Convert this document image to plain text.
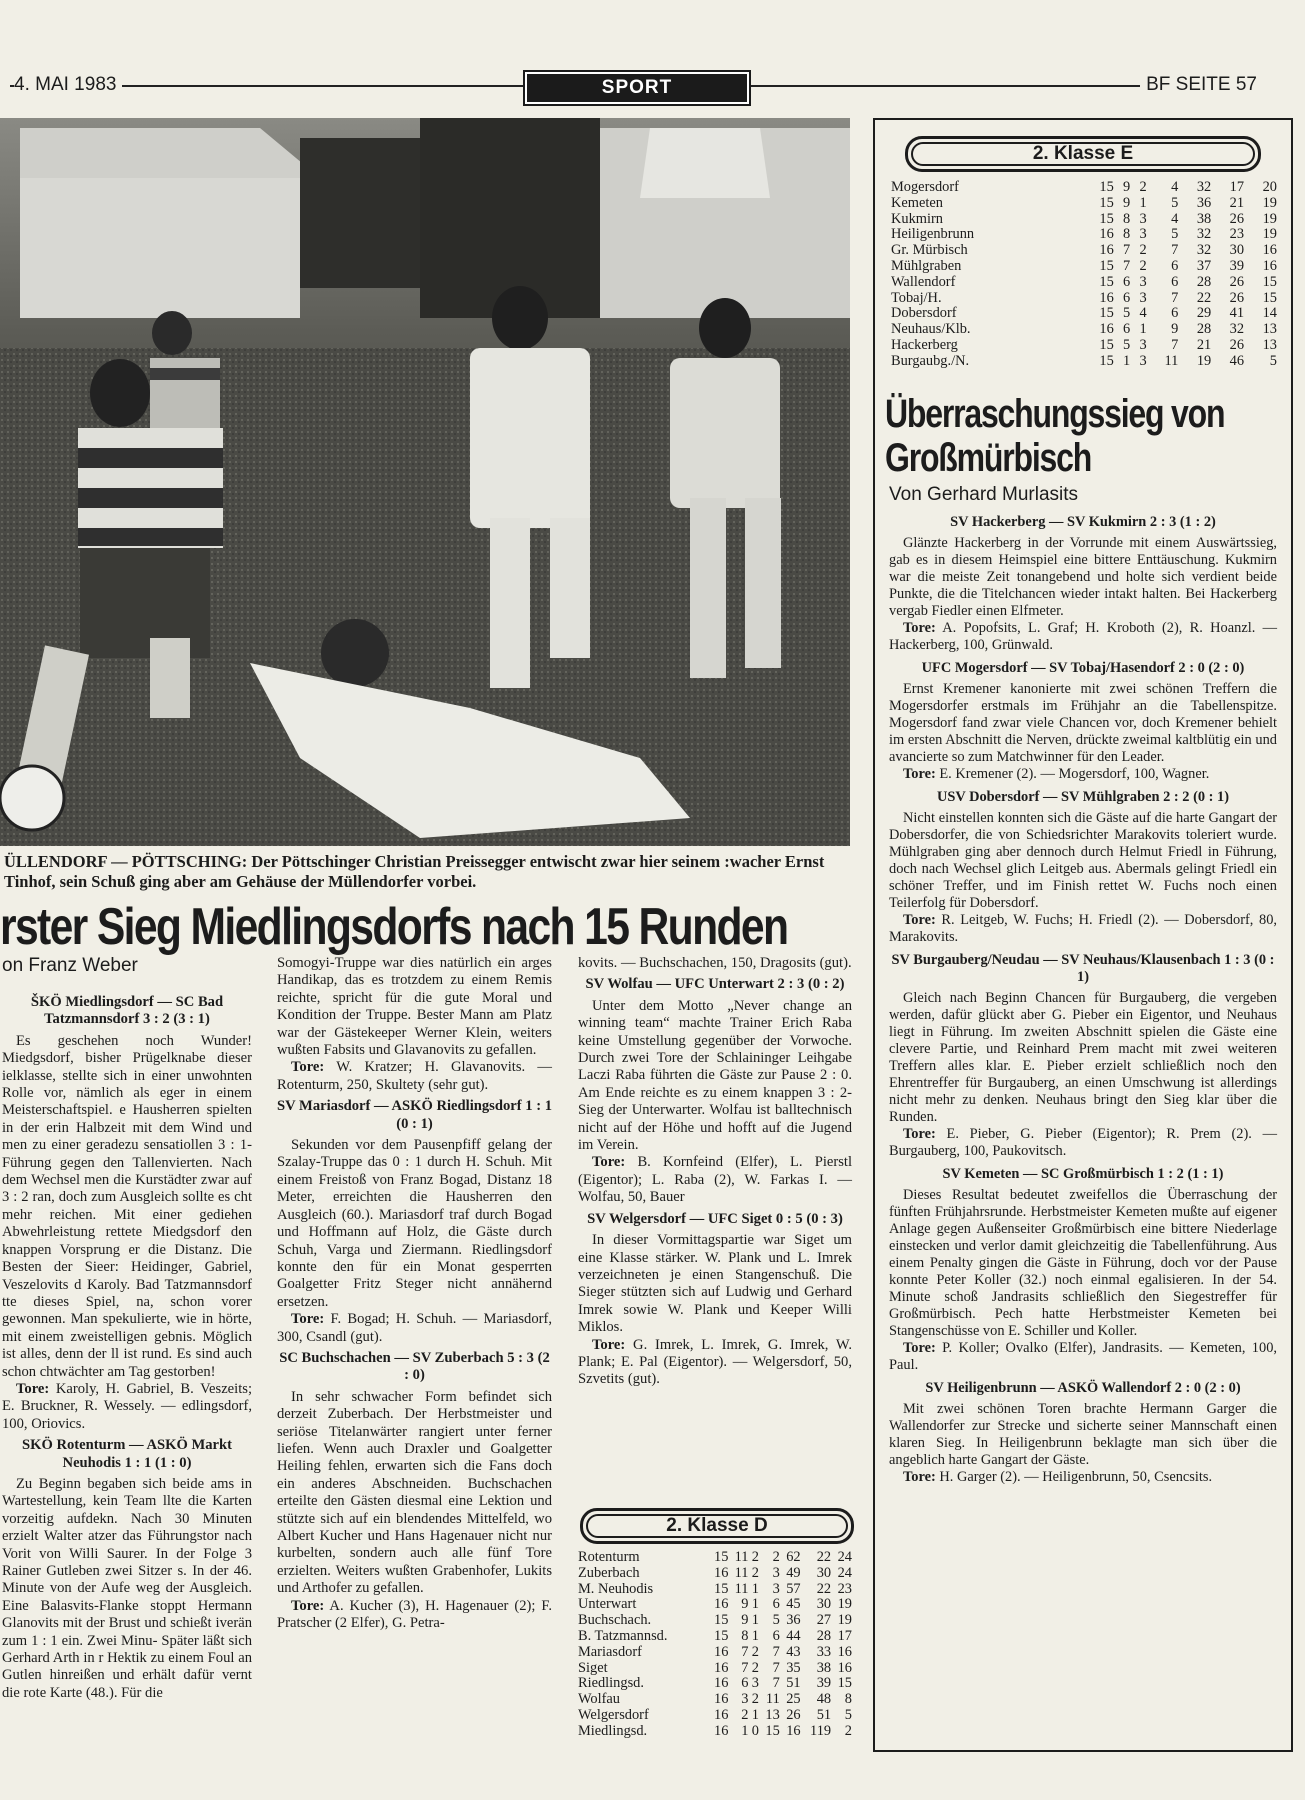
4. MAI 1983	SPORT	BF SEITE 57
ÜLLENDORF — PÖTTSCHING: Der Pöttschinger Christian Preissegger entwischt zwar hier seinem :wacher Ernst Tinhof, sein Schuß ging aber am Gehäuse der Müllendorfer vorbei.
rster Sieg Miedlingsdorfs nach 15 Runden
on Franz Weber

ŠKÖ Miedlingsdorf — SC Bad Tatzmannsdorf 3 : 2 (3 : 1)

Es geschehen noch Wunder! Miedgsdorf, bisher Prügelknabe dieser ielklasse, stellte sich in einer unwohnten Rolle vor, nämlich als eger in einem Meisterschaftspiel. e Hausherren spielten in der erin Halbzeit mit dem Wind und men zu einer geradezu sensatiollen 3 : 1-Führung gegen den Tallenvierten. Nach dem Wechsel men die Kurstädter zwar auf 3 : 2 ran, doch zum Ausgleich sollte es cht mehr reichen. Mit einer gediehen Abwehrleistung rettete Miedgsdorf den knappen Vorsprung er die Distanz. Die Besten der Sieer: Heidinger, Gabriel, Veszelovits d Karoly. Bad Tatzmannsdorf tte dieses Spiel, na, schon vorer gewonnen. Man spekulierte, wie in hörte, mit einem zweistelligen gebnis. Möglich ist alles, denn der ll ist rund. Es sind auch schon chtwächter am Tag gestorben!

Tore: Karoly, H. Gabriel, B. Veszeits; E. Bruckner, R. Wessely. — edlingsdorf, 100, Oriovics.

SKÖ Rotenturm — ASKÖ Markt Neuhodis 1 : 1 (1 : 0)

Zu Beginn begaben sich beide ams in Wartestellung, kein Team llte die Karten vorzeitig aufdekn. Nach 30 Minuten erzielt Walter atzer das Führungstor nach Vorit von Willi Saurer. In der Folge 3 Rainer Gutleben zwei Sitzer s. In der 46. Minute von der Aufe weg der Ausgleich. Eine Balasvits-Flanke stoppt Hermann Glanovits mit der Brust und schießt iverän zum 1 : 1 ein. Zwei Minu- Später läßt sich Gerhard Arth in r Hektik zu einem Foul an Gutlen hinreißen und erhält dafür vernt die rote Karte (48.). Für die

Somogyi-Truppe war dies natürlich ein arges Handikap, das es trotzdem zu einem Remis reichte, spricht für die gute Moral und Kondition der Truppe. Bester Mann am Platz war der Gästekeeper Werner Klein, weiters wußten Fabsits und Glavanovits zu gefallen.

Tore: W. Kratzer; H. Glavanovits. — Rotenturm, 250, Skultety (sehr gut).

SV Mariasdorf — ASKÖ Riedlingsdorf 1 : 1 (0 : 1)

Sekunden vor dem Pausenpfiff gelang der Szalay-Truppe das 0 : 1 durch H. Schuh. Mit einem Freistoß von Franz Bogad, Distanz 18 Meter, erreichten die Hausherren den Ausgleich (60.). Mariasdorf traf durch Bogad und Hoffmann auf Holz, die Gäste durch Schuh, Varga und Ziermann. Riedlingsdorf konnte den für ein Monat gesperrten Goalgetter Fritz Steger nicht annähernd ersetzen.

Tore: F. Bogad; H. Schuh. — Mariasdorf, 300, Csandl (gut).

SC Buchschachen — SV Zuberbach 5 : 3 (2 : 0)

In sehr schwacher Form befindet sich derzeit Zuberbach. Der Herbstmeister und seriöse Titelanwärter rangiert unter ferner liefen. Wenn auch Draxler und Goalgetter Heiling fehlen, erwarten sich die Fans doch ein anderes Abschneiden. Buchschachen erteilte den Gästen diesmal eine Lektion und stützte sich auf ein blendendes Mittelfeld, wo Albert Kucher und Hans Hagenauer nicht nur kurbelten, sondern auch alle fünf Tore erzielten. Weiters wußten Grabenhofer, Lukits und Arthofer zu gefallen.

Tore: A. Kucher (3), H. Hagenauer (2); F. Pratscher (2 Elfer), G. Petra-

kovits. — Buchschachen, 150, Dragosits (gut).

SV Wolfau — UFC Unterwart 2 : 3 (0 : 2)

Unter dem Motto „Never change an winning team“ machte Trainer Erich Raba keine Umstellung gegenüber der Vorwoche. Durch zwei Tore der Schlaininger Leihgabe Laczi Raba führten die Gäste zur Pause 2 : 0. Am Ende reichte es zu einem knappen 3 : 2-Sieg der Unterwarter. Wolfau ist balltechnisch nicht auf der Höhe und hofft auf die Jugend im Verein.

Tore: B. Kornfeind (Elfer), L. Pierstl (Eigentor); L. Raba (2), W. Farkas I. — Wolfau, 50, Bauer

SV Welgersdorf — UFC Siget 0 : 5 (0 : 3)

In dieser Vormittagspartie war Siget um eine Klasse stärker. W. Plank und L. Imrek verzeichneten je einen Stangenschuß. Die Sieger stützten sich auf Ludwig und Gerhard Imrek sowie W. Plank und Keeper Willi Miklos.

Tore: G. Imrek, L. Imrek, G. Imrek, W. Plank; E. Pal (Eigentor). — Welgersdorf, 50, Szvetits (gut).

2. Klasse D
Rotenturm	15	11	2	2	62	22	24
Zuberbach	16	11	2	3	49	30	24
M. Neuhodis	15	11	1	3	57	22	23
Unterwart	16	9	1	6	45	30	19
Buchschach.	15	9	1	5	36	27	19
B. Tatzmannsd.	15	8	1	6	44	28	17
Mariasdorf	16	7	2	7	43	33	16
Siget	16	7	2	7	35	38	16
Riedlingsd.	16	6	3	7	51	39	15
Wolfau	16	3	2	11	25	48	8
Welgersdorf	16	2	1	13	26	51	5
Miedlingsd.	16	1	0	15	16	119	2
2. Klasse E
Mogersdorf	15	9	2	4	32	17	20
Kemeten	15	9	1	5	36	21	19
Kukmirn	15	8	3	4	38	26	19
Heiligenbrunn	16	8	3	5	32	23	19
Gr. Mürbisch	16	7	2	7	32	30	16
Mühlgraben	15	7	2	6	37	39	16
Wallendorf	15	6	3	6	28	26	15
Tobaj/H.	16	6	3	7	22	26	15
Dobersdorf	15	5	4	6	29	41	14
Neuhaus/Klb.	16	6	1	9	28	32	13
Hackerberg	15	5	3	7	21	26	13
Burgaubg./N.	15	1	3	11	19	46	5
Überraschungssieg von Großmürbisch
Von Gerhard Murlasits

SV Hackerberg — SV Kukmirn 2 : 3 (1 : 2)

Glänzte Hackerberg in der Vorrunde mit einem Auswärtssieg, gab es in diesem Heimspiel eine bittere Enttäuschung. Kukmirn war die meiste Zeit tonangebend und holte sich verdient beide Punkte, die die Titelchancen wieder intakt halten. Bei Hackerberg vergab Fiedler einen Elfmeter.

Tore: A. Popofsits, L. Graf; H. Kroboth (2), R. Hoanzl. — Hackerberg, 100, Grünwald.

UFC Mogersdorf — SV Tobaj/Hasendorf 2 : 0 (2 : 0)

Ernst Kremener kanonierte mit zwei schönen Treffern die Mogersdorfer erstmals im Frühjahr an die Tabellenspitze. Mogersdorf fand zwar viele Chancen vor, doch Kremener behielt im ersten Abschnitt die Nerven, drückte zweimal kaltblütig ein und avancierte so zum Matchwinner für den Leader.

Tore: E. Kremener (2). — Mogersdorf, 100, Wagner.

USV Dobersdorf — SV Mühlgraben 2 : 2 (0 : 1)

Nicht einstellen konnten sich die Gäste auf die harte Gangart der Dobersdorfer, die von Schiedsrichter Marakovits toleriert wurde. Mühlgraben ging aber dennoch durch Helmut Friedl in Führung, doch nach Wechsel glich Leitgeb aus. Abermals gelingt Friedl ein schöner Treffer, und im Finish rettet W. Fuchs noch einen Teilerfolg für Dobersdorf.

Tore: R. Leitgeb, W. Fuchs; H. Friedl (2). — Dobersdorf, 80, Marakovits.

SV Burgauberg/Neudau — SV Neuhaus/Klausenbach 1 : 3 (0 : 1)

Gleich nach Beginn Chancen für Burgauberg, die vergeben werden, dafür glückt aber G. Pieber ein Eigentor, und Neuhaus liegt in Führung. Im zweiten Abschnitt spielen die Gäste eine clevere Partie, und Reinhard Prem macht mit zwei weiteren Treffern alles klar. E. Pieber erzielt schließlich noch den Ehrentreffer für Burgauberg, an einen Umschwung ist allerdings nicht mehr zu denken. Neuhaus bringt den Sieg klar über die Runden.

Tore: E. Pieber, G. Pieber (Eigentor); R. Prem (2). — Burgauberg, 100, Paukovitsch.

SV Kemeten — SC Großmürbisch 1 : 2 (1 : 1)

Dieses Resultat bedeutet zweifellos die Überraschung der fünften Frühjahrsrunde. Herbstmeister Kemeten mußte auf eigener Anlage gegen Außenseiter Großmürbisch eine bittere Niederlage einstecken und verlor damit gleichzeitig die Tabellenführung. Aus einem Penalty gingen die Gäste in Führung, doch vor der Pause konnte Peter Koller (32.) noch einmal egalisieren. In der 54. Minute schoß Jandrasits schließlich den Siegestreffer für Großmürbisch. Pech hatte Herbstmeister Kemeten bei Stangenschüsse von E. Schiller und Koller.

Tore: P. Koller; Ovalko (Elfer), Jandrasits. — Kemeten, 100, Paul.

SV Heiligenbrunn — ASKÖ Wallendorf 2 : 0 (2 : 0)

Mit zwei schönen Toren brachte Hermann Garger die Wallendorfer zur Strecke und sicherte seiner Mannschaft einen klaren Sieg. In Heiligenbrunn beklagte man sich über die angeblich harte Gangart der Gäste.

Tore: H. Garger (2). — Heiligenbrunn, 50, Csencsits.
